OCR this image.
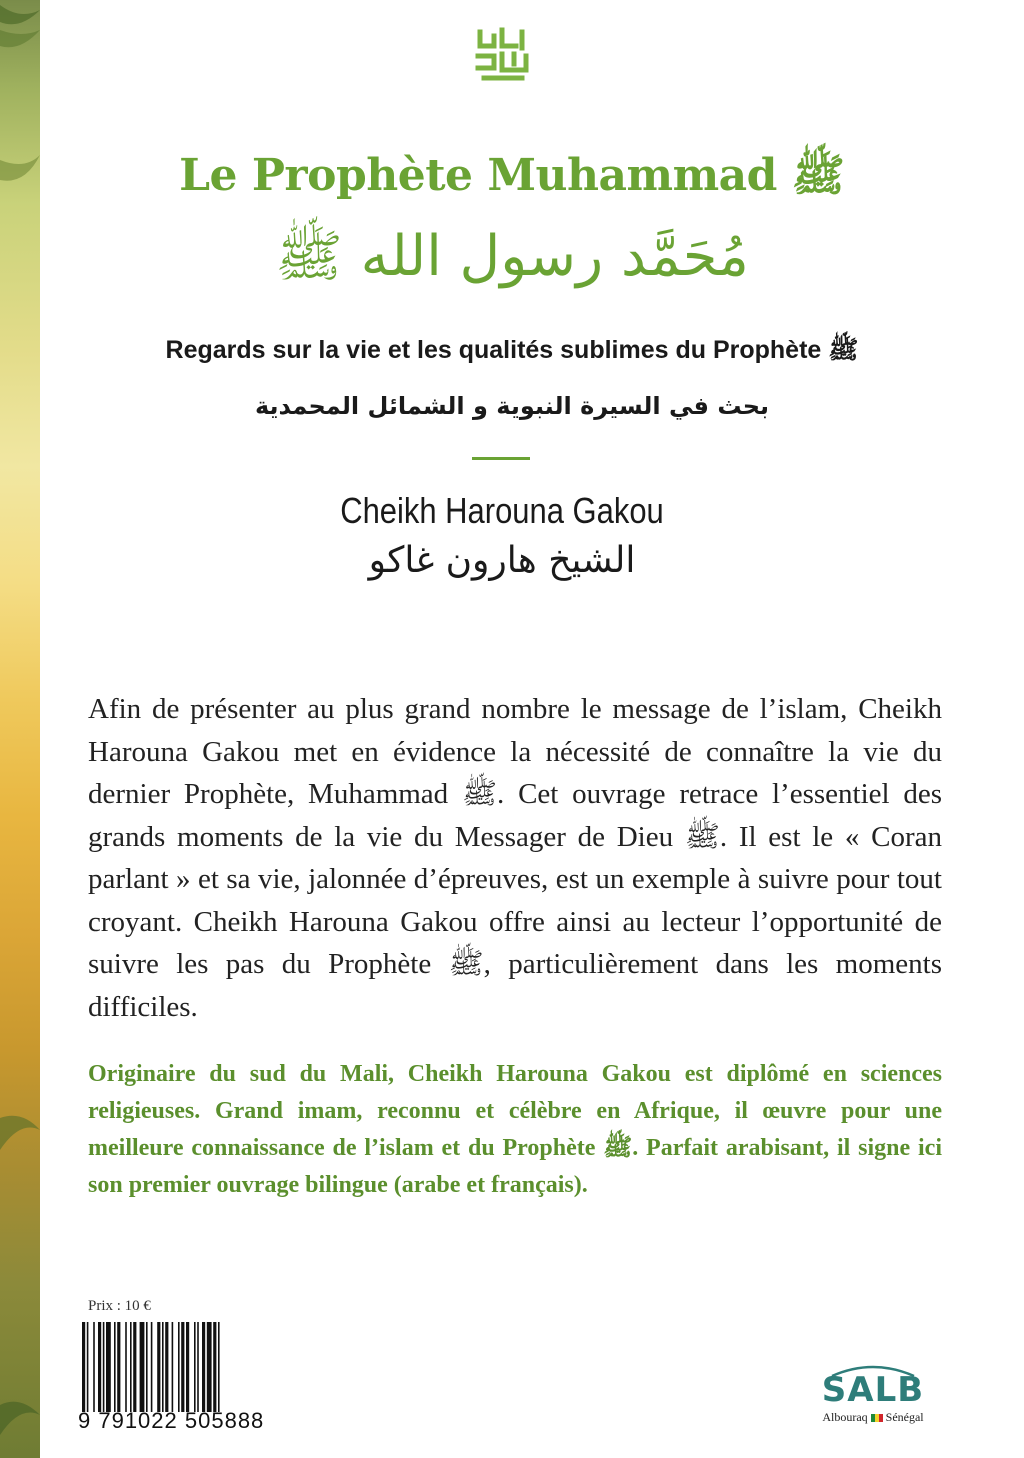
Le Prophète Muhammad ﷺ
مُحَمَّد رسول الله ﷺ
Regards sur la vie et les qualités sublimes du Prophète ﷺ
بحث في السيرة النبوية و الشمائل المحمدية
Cheikh Harouna Gakou
الشيخ هارون غاكو

Afin de présenter au plus grand nombre le message de l’islam, Cheikh Harouna Gakou met en évidence la nécessité de connaître la vie du dernier Prophète, Muhammad ﷺ. Cet ouvrage retrace l’essentiel des grands moments de la vie du Messager de Dieu ﷺ. Il est le « Coran parlant » et sa vie, jalonnée d’épreuves, est un exemple à suivre pour tout croyant. Cheikh Harouna Gakou offre ainsi au lecteur l’opportunité de suivre les pas du Prophète ﷺ, particulièrement dans les moments difficiles.

Originaire du sud du Mali, Cheikh Harouna Gakou est diplômé en sciences religieuses. Grand imam, reconnu et célèbre en Afrique, il œuvre pour une meilleure connaissance de l’islam et du Prophète ﷺ. Parfait arabisant, il signe ici son premier ouvrage bilingue (arabe et français).

Prix : 10 €
9 791022 505888
SALB
Albouraq Sénégal
